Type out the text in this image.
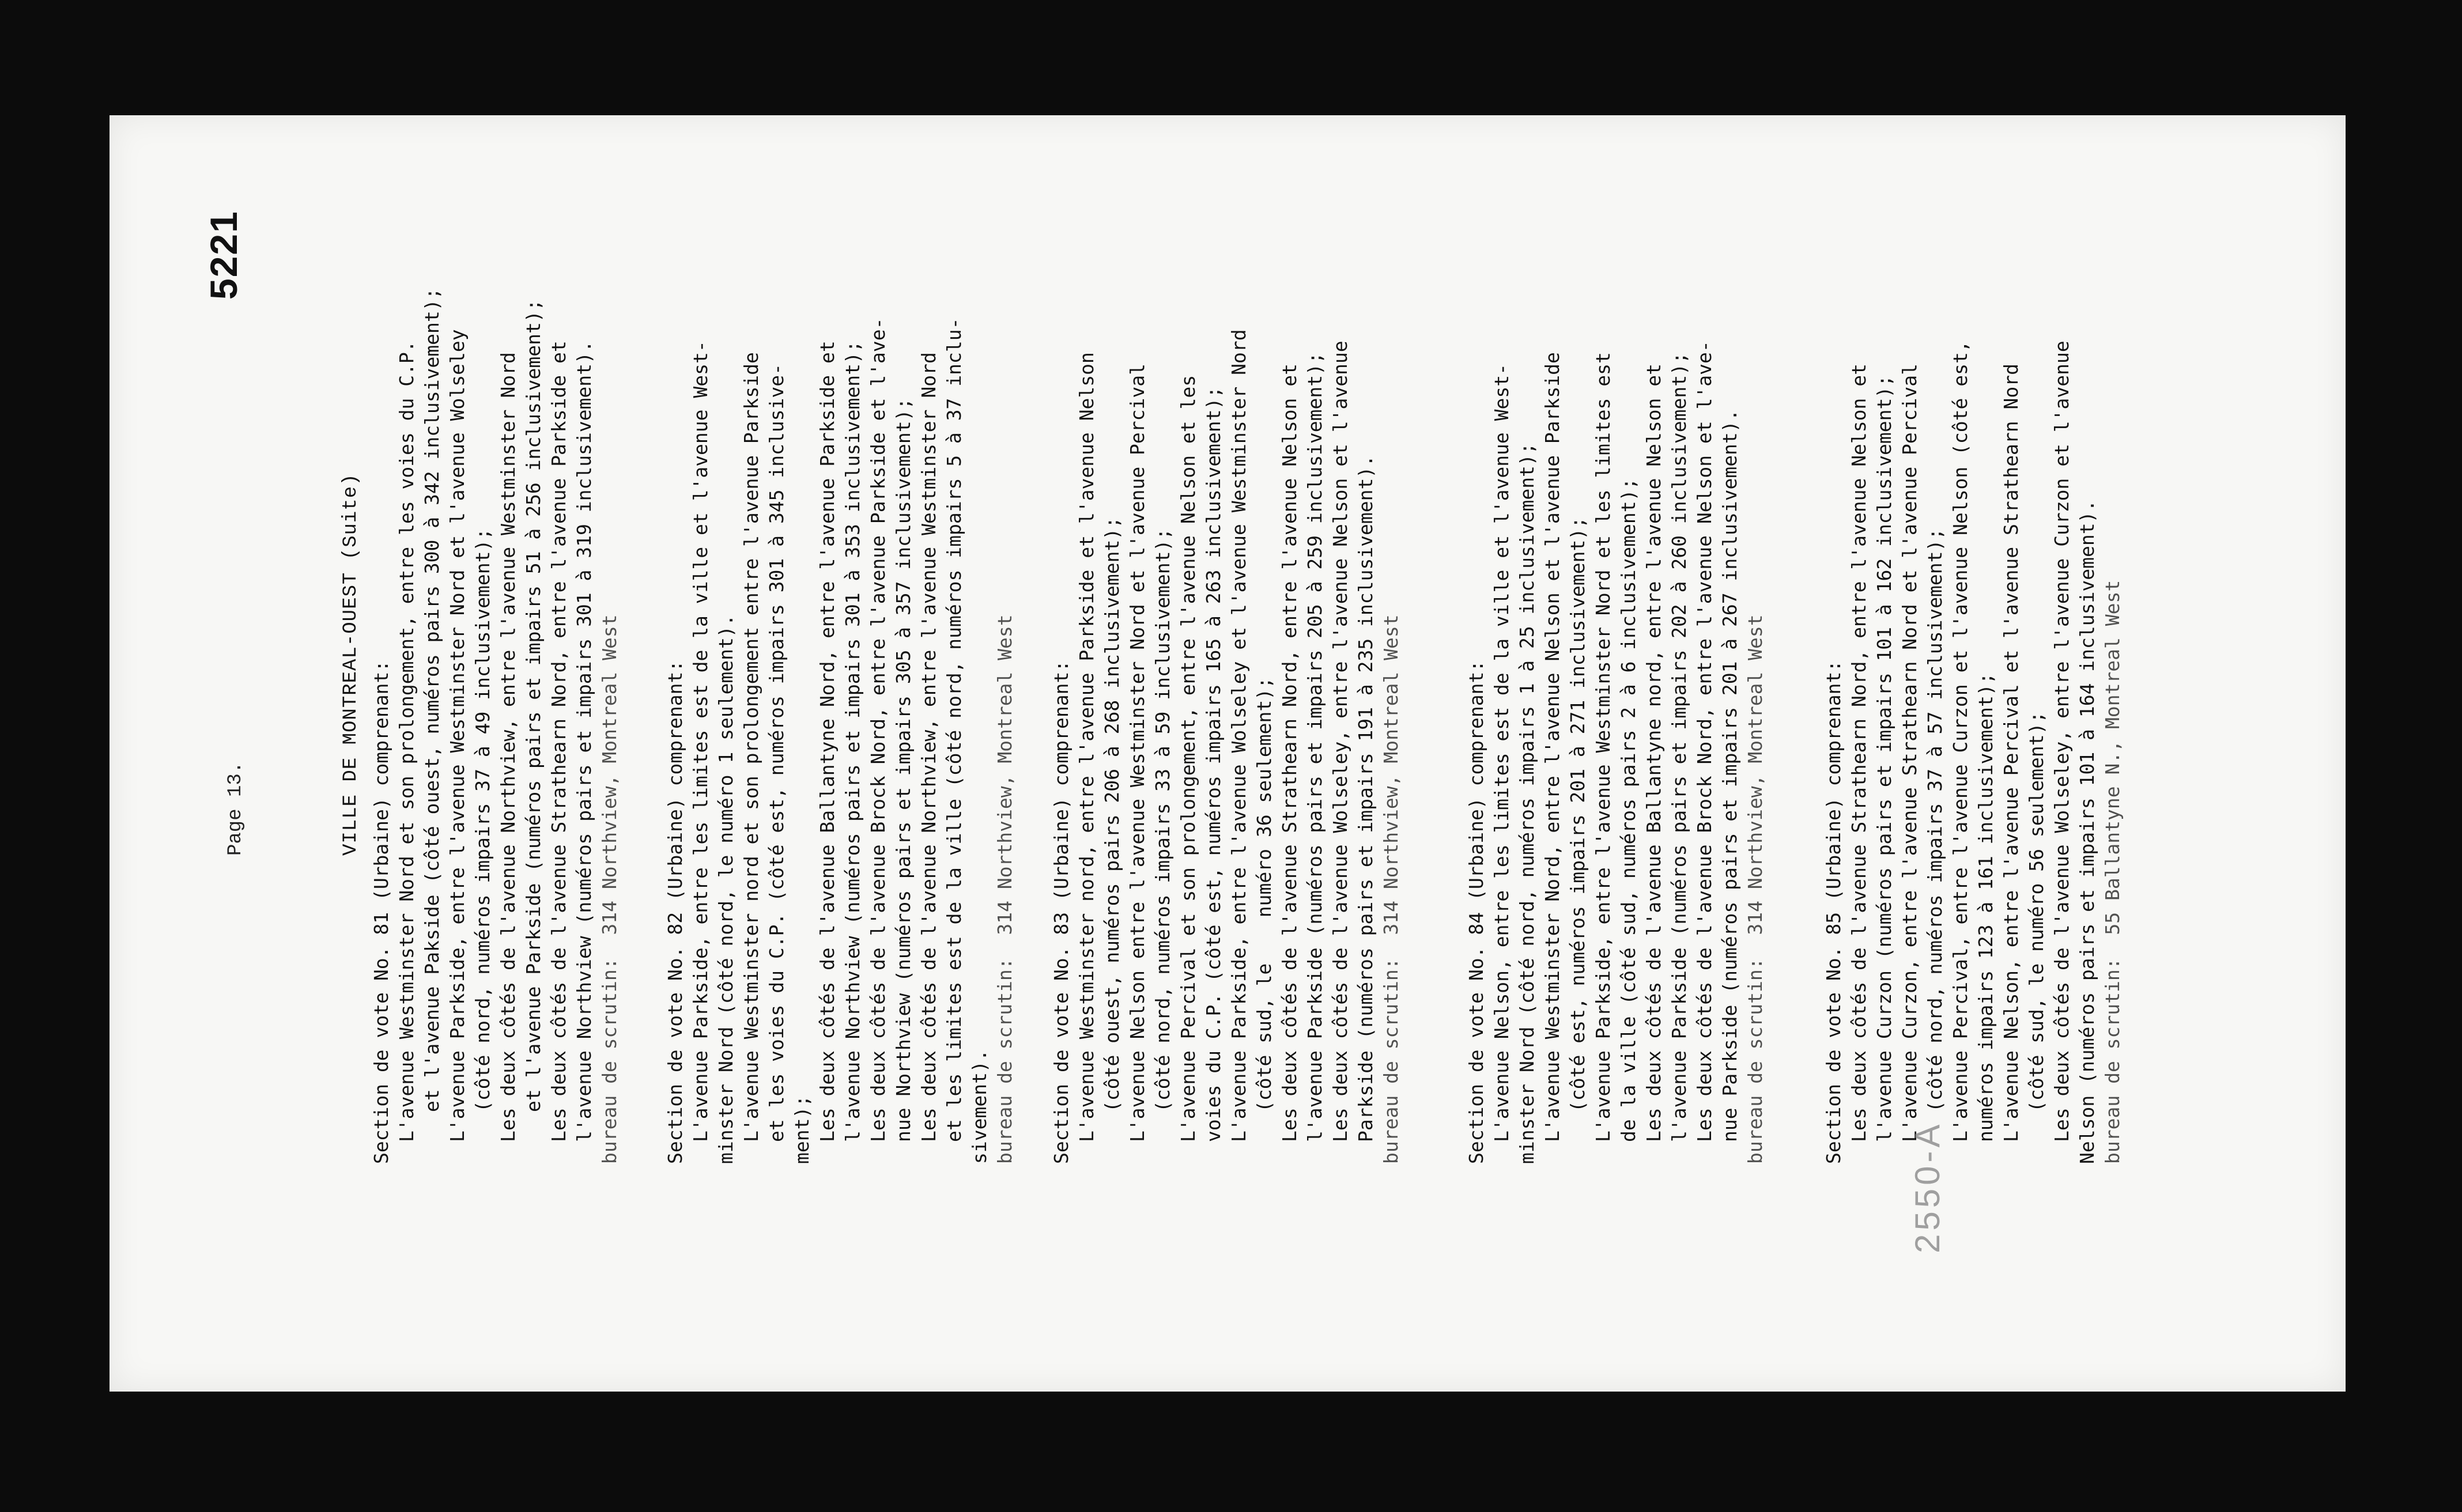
5221
Page 13.	VILLE DE MONTREAL-OUEST (Suite) Section de vote No. 81 (Urbaine) comprenant: L'avenue Westminster Nord et son prolongement, entre les voies du C.P. et l'avenue Pakside (côté ouest, numéros pairs 300 à 342 inclusivement); L'avenue Parkside, entre l'avenue Westminster Nord et l'avenue Wolseley (côté nord, numéros impairs 37 à 49 inclusivement); Les deux côtés de l'avenue Northview, entre l'avenue Westminster Nord et l'avenue Parkside (numéros pairs et impairs 51 à 256 inclusivement); Les deux côtés de l'avenue Strathearn Nord, entre l'avenue Parkside et l'avenue Northview (numéros pairs et impairs 301 à 319 inclusivement). bureau de scrutin:  314 Northview, Montreal West Section de vote No. 82 (Urbaine) comprenant: L'avenue Parkside, entre les limites est de la ville et l'avenue West- minster Nord (côté nord, le numéro 1 seulement). L'avenue Westminster nord et son prolongement entre l'avenue Parkside et les voies du C.P. (côté est, numéros impairs 301 à 345 inclusive- ment); Les deux côtés de l'avenue Ballantyne Nord, entre l'avenue Parkside et l'avenue Northview (numéros pairs et impairs 301 à 353 inclusivement); Les deux côtés de l'avenue Brock Nord, entre l'avenue Parkside et l'ave- nue Northview (numéros pairs et impairs 305 à 357 inclusivement); Les deux côtés de l'avenue Northview, entre l'avenue Westminster Nord et les limites est de la ville (côté nord, numéros impairs 5 à 37 inclu- sivement). bureau de scrutin:  314 Northview, Montreal West Section de vote No. 83 (Urbaine) comprenant: L'avenue Westminster nord, entre l'avenue Parkside et l'avenue Nelson (côté ouest, numéros pairs 206 à 268 inclusivement); L'avenue Nelson entre l'avenue Westminster Nord et l'avenue Percival (côté nord, numéros impairs 33 à 59 inclusivement); L'avenue Percival et son prolongement, entre l'avenue Nelson et les voies du C.P. (côté est, numéros impairs 165 à 263 inclusivement); L'avenue Parkside, entre l'avenue Wolseley et l'avenue Westminster Nord (côté sud, le    numéro 36 seulement); Les deux côtés de l'avenue Strathearn Nord, entre l'avenue Nelson et l'avenue Parkside (numéros pairs et impairs 205 à 259 inclusivement); Les deux côtés de l'avenue Wolseley, entre l'avenue Nelson et l'avenue Parkside (numéros pairs et impairs 191 à 235 inclusivement). bureau de scrutin:  314 Northview, Montreal West	Section de vote No. 84 (Urbaine) comprenant: L'avenue Nelson, entre les limites est de la ville et l'avenue West- minster Nord (côté nord, numéros impairs 1 à 25 inclusivement); L'avenue Westminster Nord, entre l'avenue Nelson et l'avenue Parkside (côté est, numéros impairs 201 à 271 inclusivement); L'avenue Parkside, entre l'avenue Westminster Nord et les limites est de la ville (côté sud, numéros pairs 2 à 6 inclusivement); Les deux côtés de l'avenue Ballantyne nord, entre l'avenue Nelson et l'avenue Parkside (numéros pairs et impairs 202 à 260 inclusivement); Les deux côtés de l'avenue Brock Nord, entre l'avenue Nelson et l'ave- nue Parkside (numéros pairs et impairs 201 à 267 inclusivement). bureau de scrutin:  314 Northview, Montreal West	Section de vote No. 85 (Urbaine) comprenant: Les deux côtés de l'avenue Strathearn Nord, entre l'avenue Nelson et l'avenue Curzon (numéros pairs et impairs 101 à 162 inclusivement); L'avenue Curzon, entre l'avenue Strathearn Nord et l'avenue Percival (côté nord, numéros impairs 37 à 57 inclusivement); L'avenue Percival, entre l'avenue Curzon et l'avenue Nelson (côté est, numéros impairs 123 à 161 inclusivement); L'avenue Nelson, entre l'avenue Percival et l'avenue Strathearn Nord (côté sud, le numéro 56 seulement); Les deux côtés de l'avenue Wolseley, entre l'avenue Curzon et l'avenue Nelson (numéros pairs et impairs 101 à 164 inclusivement). bureau de scrutin:  55 Ballantyne N., Montreal West
2550-A
